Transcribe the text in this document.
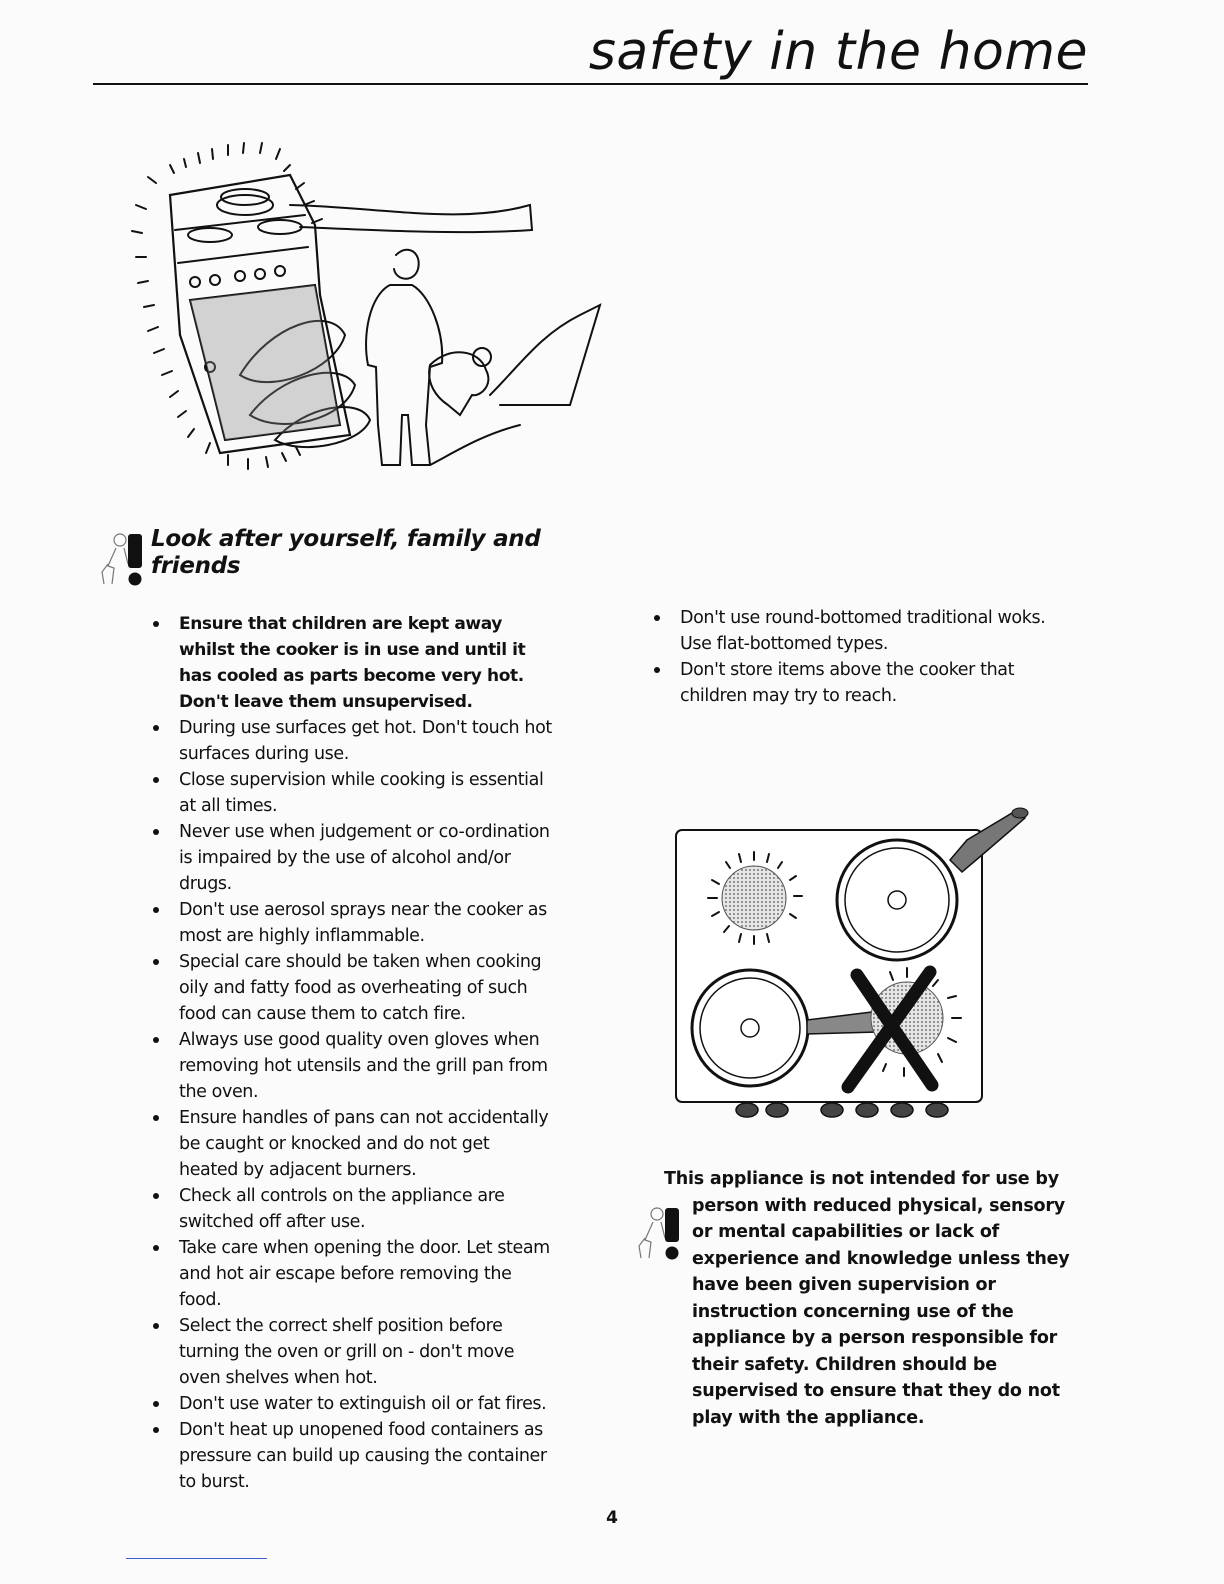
safety in the home
Look after yourself, family and friends
Ensure that children are kept away whilst the cooker is in use and until it has cooled as parts become very hot. Don't leave them unsupervised.
During use surfaces get hot. Don't touch hot surfaces during use.
Close supervision while cooking is essential at all times.
Never use when judgement or co-ordination is impaired by the use of alcohol and/or drugs.
Don't use aerosol sprays near the cooker as most are highly inflammable.
Special care should be taken when cooking oily and fatty food as overheating of such food can cause them to catch fire.
Always use good quality oven gloves when removing hot utensils and the grill pan from the oven.
Ensure handles of pans can not accidentally be caught or knocked and do not get heated by adjacent burners.
Check all controls on the appliance are switched off after use.
Take care when opening the door. Let steam and hot air escape before removing the food.
Select the correct shelf position before turning the oven or grill on - don't move oven shelves when hot.
Don't use water to extinguish oil or fat fires.
Don't heat up unopened food containers as pressure can build up causing the container to burst.
Don't use round-bottomed traditional woks. Use flat-bottomed types.
Don't store items above the cooker that children may try to reach.

This appliance is not intended for use by

person with reduced physical, sensory or mental capabilities or lack of experience and knowledge unless they have been given supervision or instruction concerning use of the appliance by a person responsible for their safety. Children should be supervised to ensure that they do not play with the appliance.

4
